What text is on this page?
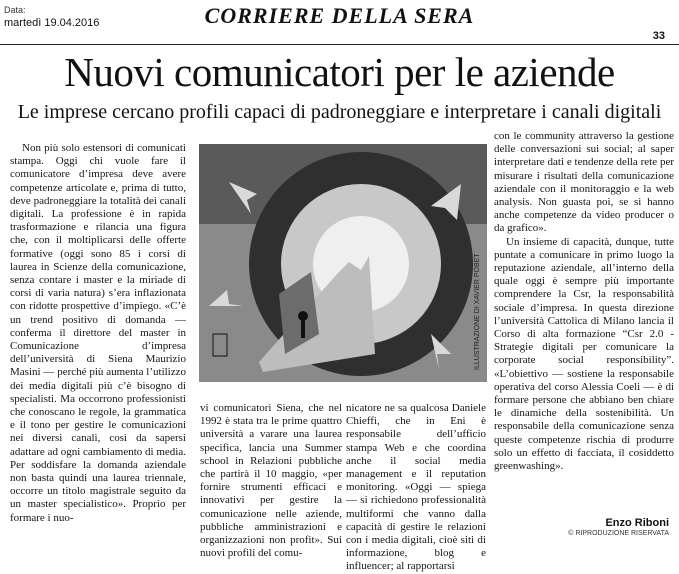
Data:
martedì 19.04.2016	CORRIERE DELLA SERA
33
Nuovi comunicatori per le aziende
Le imprese cercano profili capaci di padroneggiare e interpretare i canali digitali

Non più solo estensori di comunicati stampa. Oggi chi vuole fare il comunicatore d’impresa deve avere competenze articolate e, prima di tutto, deve padroneggiare la totalità dei canali digitali. La professione è in rapida trasformazione e rilancia una figura che, con il moltiplicarsi delle offerte formative (oggi sono 85 i corsi di laurea in Scienze della comunicazione, senza contare i master e la miriade di corsi di varia natura) s’era inflazionata con ridotte prospettive d’impiego. «C’è un trend positivo di domanda — conferma il direttore del master in Comunicazione d’impresa dell’università di Siena Maurizio Masini — perché più aumenta l’utilizzo dei media digitali più c’è bisogno di specialisti. Ma occorrono professionisti che conoscano le regole, la grammatica e il tono per gestire le comunicazioni nei diversi canali, così da sapersi adattare ad ogni cambiamento di media. Per soddisfare la domanda aziendale non basta quindi una laurea triennale, occorre un titolo magistrale seguito da un master specialistico». Proprio per formare i nuo-

ILLUSTRAZIONE DI XAVIER POBET

vi comunicatori Siena, che nel 1992 è stata tra le prime quattro università a varare una laurea specifica, lancia una Summer school in Relazioni pubbliche che partirà il 10 maggio, «per fornire strumenti efficaci e innovativi per gestire la comunicazione nelle aziende, pubbliche amministrazioni e organizzazioni non profit». Sui nuovi profili del comu-

nicatore ne sa qualcosa Daniele Chieffi, che in Eni è responsabile dell’ufficio stampa Web e che coordina anche il social media management e il reputation monitoring. «Oggi — spiega — si richiedono professionalità multiformi che vanno dalla capacità di gestire le relazioni con i media digitali, cioè siti di informazione, blog e influencer; al rapportarsi

con le community attraverso la gestione delle conversazioni sui social; al saper interpretare dati e tendenze della rete per misurare i risultati della comunicazione aziendale con il monitoraggio e la web analysis. Non guasta poi, se si hanno anche competenze da video producer o da grafico».

Un insieme di capacità, dunque, tutte puntate a comunicare in primo luogo la reputazione aziendale, all’interno della quale oggi è sempre più importante comprendere la Csr, la responsabilità sociale d’impresa. In questa direzione l’università Cattolica di Milano lancia il Corso di alta formazione “Csr 2.0 - Strategie digitali per comunicare la corporate social responsibility”. «L’obiettivo — sostiene la responsabile operativa del corso Alessia Coeli — è di formare persone che abbiano ben chiare le dinamiche della sostenibilità. Un responsabile della comunicazione senza queste competenze rischia di produrre solo un effetto di facciata, il cosiddetto greenwashing».

Enzo Riboni
© RIPRODUZIONE RISERVATA
